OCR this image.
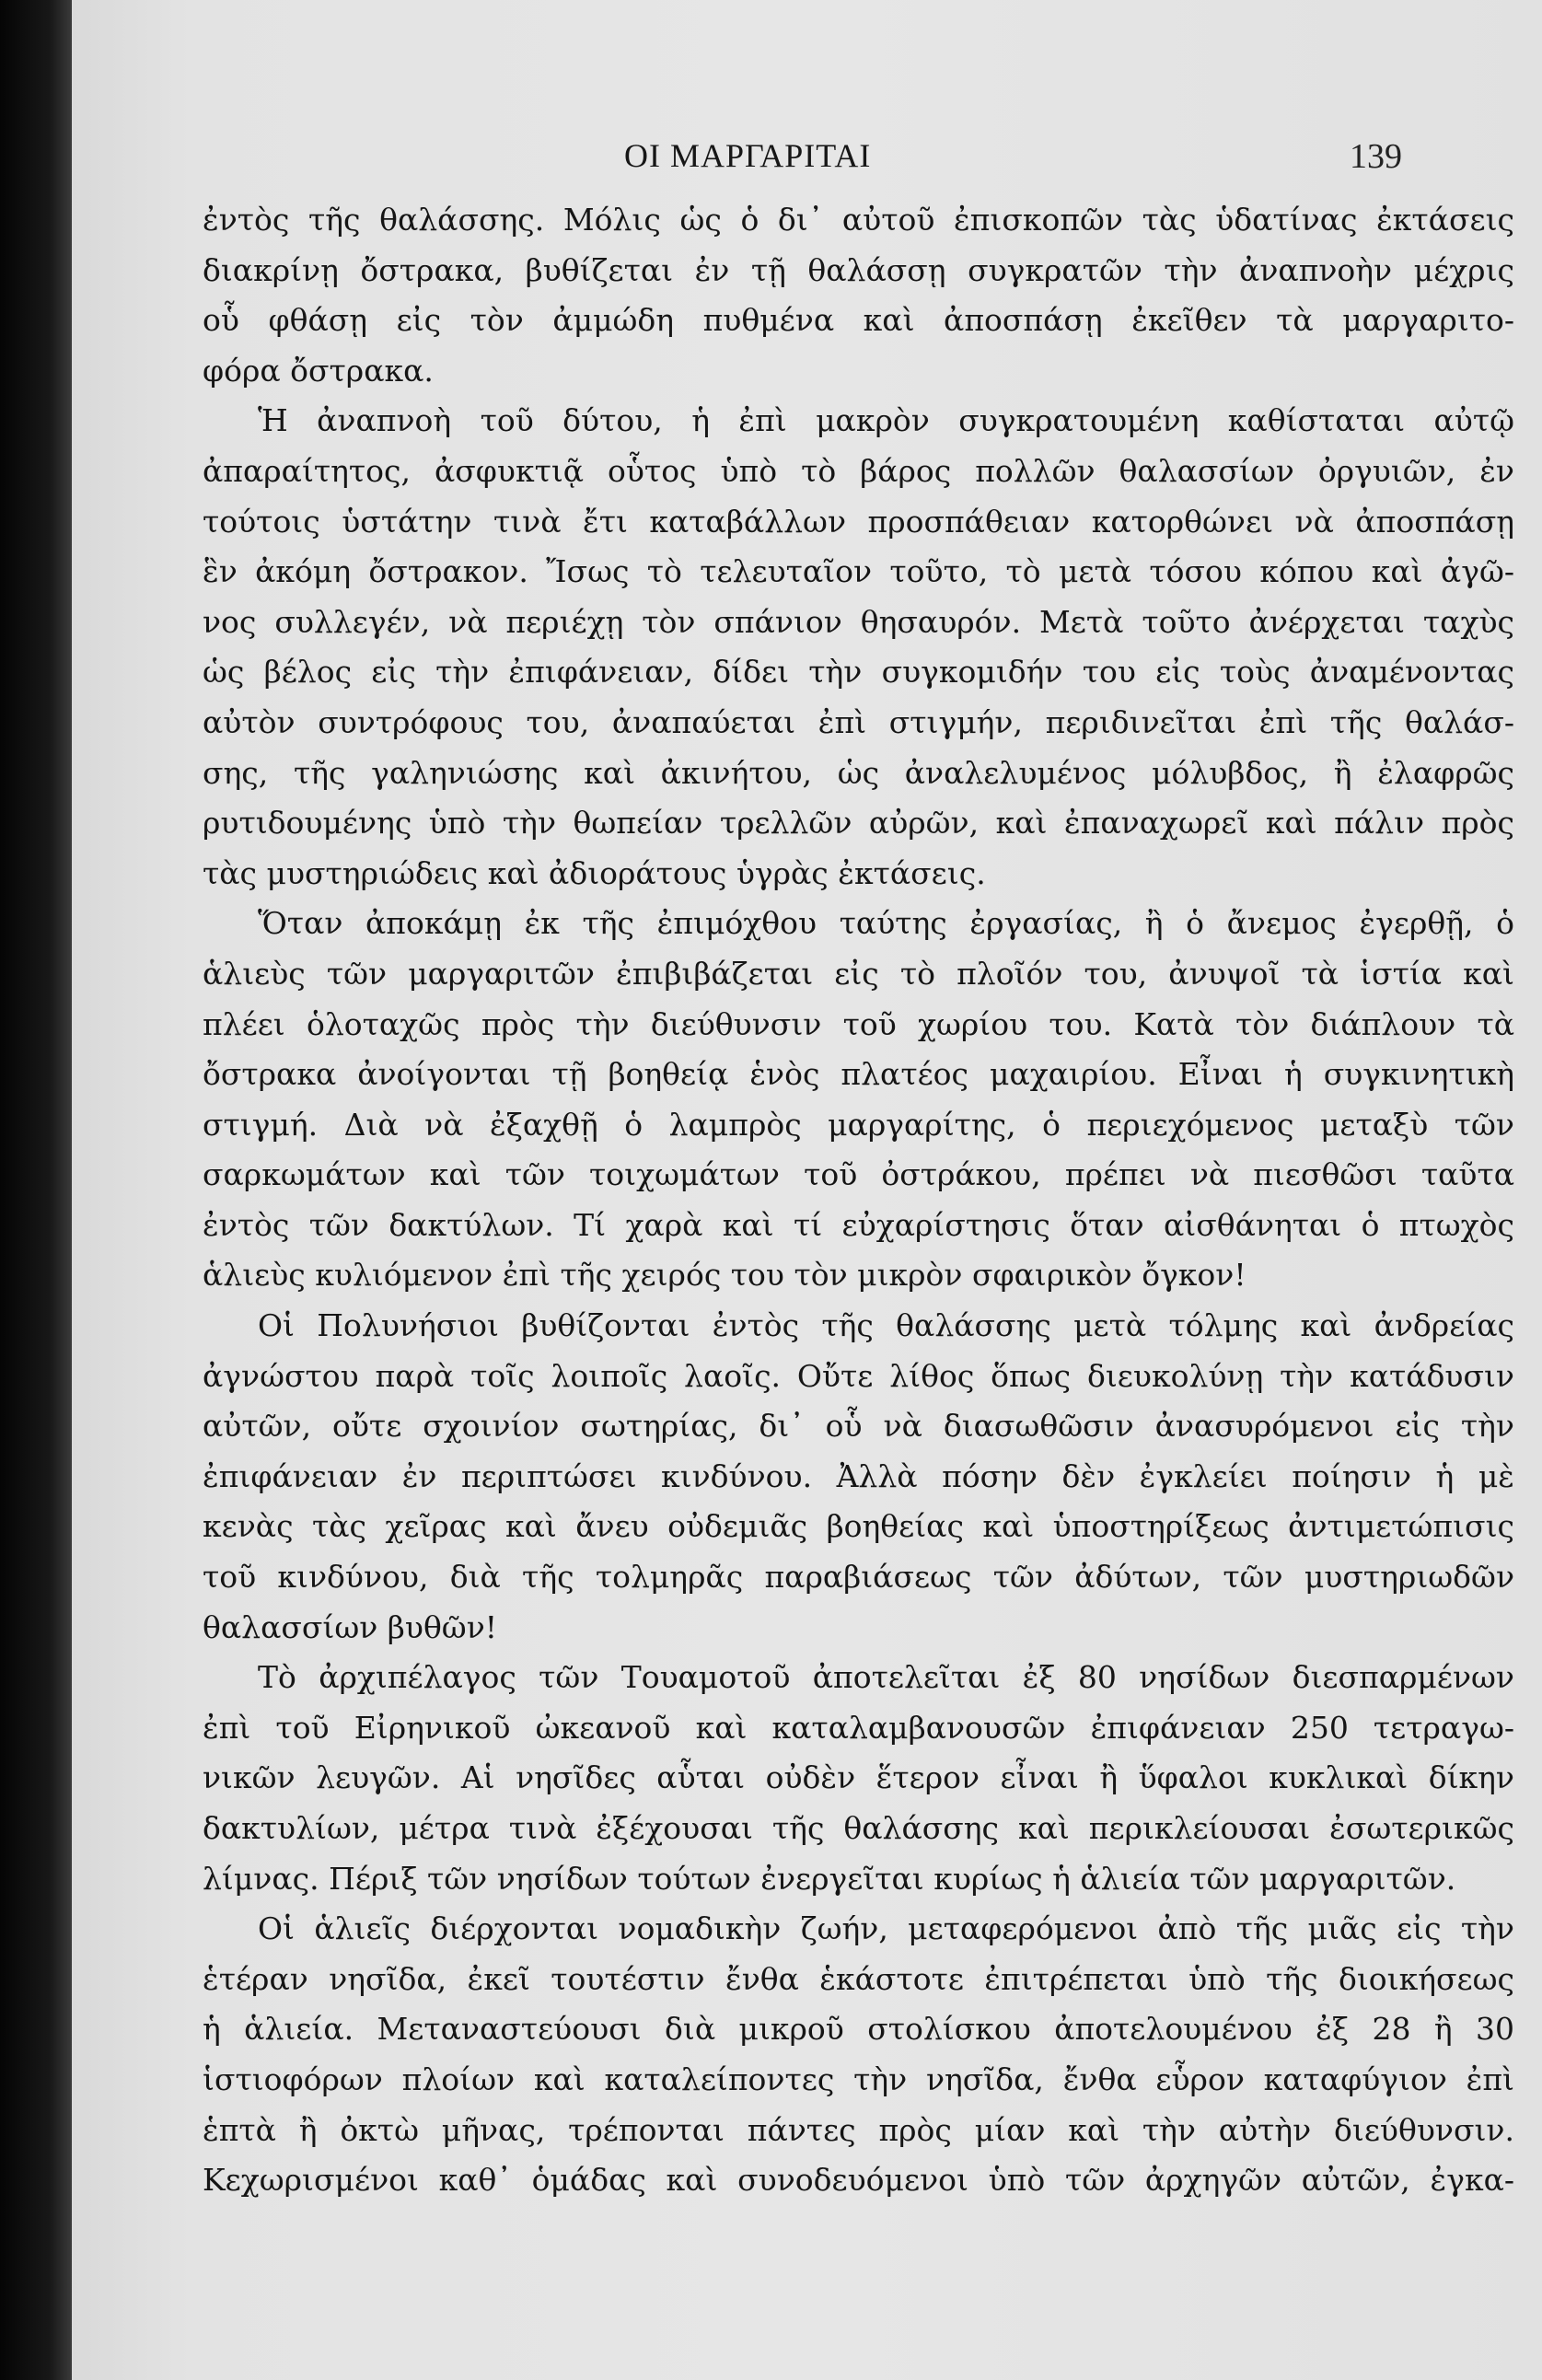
ΟΙ ΜΑΡΓΑΡΙΤΑΙ	139
ἐντὸς τῆς θαλάσσης. Μόλις ὡς ὁ δι᾿ αὐτοῦ ἐπισκοπῶν τὰς ὑδατίνας ἐκτάσεις
διακρίνῃ ὄστρακα, βυθίζεται ἐν τῇ θαλάσσῃ συγκρατῶν τὴν ἀναπνοὴν μέχρις
οὗ φθάσῃ εἰς τὸν ἀμμώδη πυθμένα καὶ ἀποσπάσῃ ἐκεῖθεν τὰ μαργαριτο-
φόρα ὄστρακα.
Ἡ ἀναπνοὴ τοῦ δύτου, ἡ ἐπὶ μακρὸν συγκρατουμένη καθίσταται αὐτῷ
ἀπαραίτητος, ἀσφυκτιᾷ οὗτος ὑπὸ τὸ βάρος πολλῶν θαλασσίων ὀργυιῶν, ἐν
τούτοις ὑστάτην τινὰ ἔτι καταβάλλων προσπάθειαν κατορθώνει νὰ ἀποσπάσῃ
ἓν ἀκόμη ὄστρακον. Ἴσως τὸ τελευταῖον τοῦτο, τὸ μετὰ τόσου κόπου καὶ ἀγῶ-
νος συλλεγέν, νὰ περιέχῃ τὸν σπάνιον θησαυρόν. Μετὰ τοῦτο ἀνέρχεται ταχὺς
ὡς βέλος εἰς τὴν ἐπιφάνειαν, δίδει τὴν συγκομιδήν του εἰς τοὺς ἀναμένοντας
αὐτὸν συντρόφους του, ἀναπαύεται ἐπὶ στιγμήν, περιδινεῖται ἐπὶ τῆς θαλάσ-
σης, τῆς γαληνιώσης καὶ ἀκινήτου, ὡς ἀναλελυμένος μόλυβδος, ἢ ἐλαφρῶς
ρυτιδουμένης ὑπὸ τὴν θωπείαν τρελλῶν αὐρῶν, καὶ ἐπαναχωρεῖ καὶ πάλιν πρὸς
τὰς μυστηριώδεις καὶ ἀδιοράτους ὑγρὰς ἐκτάσεις.
Ὅταν ἀποκάμῃ ἐκ τῆς ἐπιμόχθου ταύτης ἐργασίας, ἢ ὁ ἄνεμος ἐγερθῇ, ὁ
ἁλιεὺς τῶν μαργαριτῶν ἐπιβιβάζεται εἰς τὸ πλοῖόν του, ἀνυψοῖ τὰ ἱστία καὶ
πλέει ὁλοταχῶς πρὸς τὴν διεύθυνσιν τοῦ χωρίου του. Κατὰ τὸν διάπλουν τὰ
ὄστρακα ἀνοίγονται τῇ βοηθείᾳ ἑνὸς πλατέος μαχαιρίου. Εἶναι ἡ συγκινητικὴ
στιγμή. Διὰ νὰ ἐξαχθῇ ὁ λαμπρὸς μαργαρίτης, ὁ περιεχόμενος μεταξὺ τῶν
σαρκωμάτων καὶ τῶν τοιχωμάτων τοῦ ὀστράκου, πρέπει νὰ πιεσθῶσι ταῦτα
ἐντὸς τῶν δακτύλων. Τί χαρὰ καὶ τί εὐχαρίστησις ὅταν αἰσθάνηται ὁ πτωχὸς
ἁλιεὺς κυλιόμενον ἐπὶ τῆς χειρός του τὸν μικρὸν σφαιρικὸν ὄγκον!
Οἱ Πολυνήσιοι βυθίζονται ἐντὸς τῆς θαλάσσης μετὰ τόλμης καὶ ἀνδρείας
ἀγνώστου παρὰ τοῖς λοιποῖς λαοῖς. Οὔτε λίθος ὅπως διευκολύνῃ τὴν κατάδυσιν
αὐτῶν, οὔτε σχοινίον σωτηρίας, δι᾿ οὗ νὰ διασωθῶσιν ἀνασυρόμενοι εἰς τὴν
ἐπιφάνειαν ἐν περιπτώσει κινδύνου. Ἀλλὰ πόσην δὲν ἐγκλείει ποίησιν ἡ μὲ
κενὰς τὰς χεῖρας καὶ ἄνευ οὐδεμιᾶς βοηθείας καὶ ὑποστηρίξεως ἀντιμετώπισις
τοῦ κινδύνου, διὰ τῆς τολμηρᾶς παραβιάσεως τῶν ἀδύτων, τῶν μυστηριωδῶν
θαλασσίων βυθῶν!
Τὸ ἀρχιπέλαγος τῶν Τουαμοτοῦ ἀποτελεῖται ἐξ 80 νησίδων διεσπαρμένων
ἐπὶ τοῦ Εἰρηνικοῦ ὠκεανοῦ καὶ καταλαμβανουσῶν ἐπιφάνειαν 250 τετραγω-
νικῶν λευγῶν. Αἱ νησῖδες αὗται οὐδὲν ἕτερον εἶναι ἢ ὕφαλοι κυκλικαὶ δίκην
δακτυλίων, μέτρα τινὰ ἐξέχουσαι τῆς θαλάσσης καὶ περικλείουσαι ἐσωτερικῶς
λίμνας. Πέριξ τῶν νησίδων τούτων ἐνεργεῖται κυρίως ἡ ἁλιεία τῶν μαργαριτῶν.
Οἱ ἁλιεῖς διέρχονται νομαδικὴν ζωήν, μεταφερόμενοι ἀπὸ τῆς μιᾶς εἰς τὴν
ἑτέραν νησῖδα, ἐκεῖ τουτέστιν ἔνθα ἑκάστοτε ἐπιτρέπεται ὑπὸ τῆς διοικήσεως
ἡ ἁλιεία. Μεταναστεύουσι διὰ μικροῦ στολίσκου ἀποτελουμένου ἐξ 28 ἢ 30
ἱστιοφόρων πλοίων καὶ καταλείποντες τὴν νησῖδα, ἔνθα εὗρον καταφύγιον ἐπὶ
ἑπτὰ ἢ ὀκτὼ μῆνας, τρέπονται πάντες πρὸς μίαν καὶ τὴν αὐτὴν διεύθυνσιν.
Κεχωρισμένοι καθ᾿ ὁμάδας καὶ συνοδευόμενοι ὑπὸ τῶν ἀρχηγῶν αὐτῶν, ἐγκα-
